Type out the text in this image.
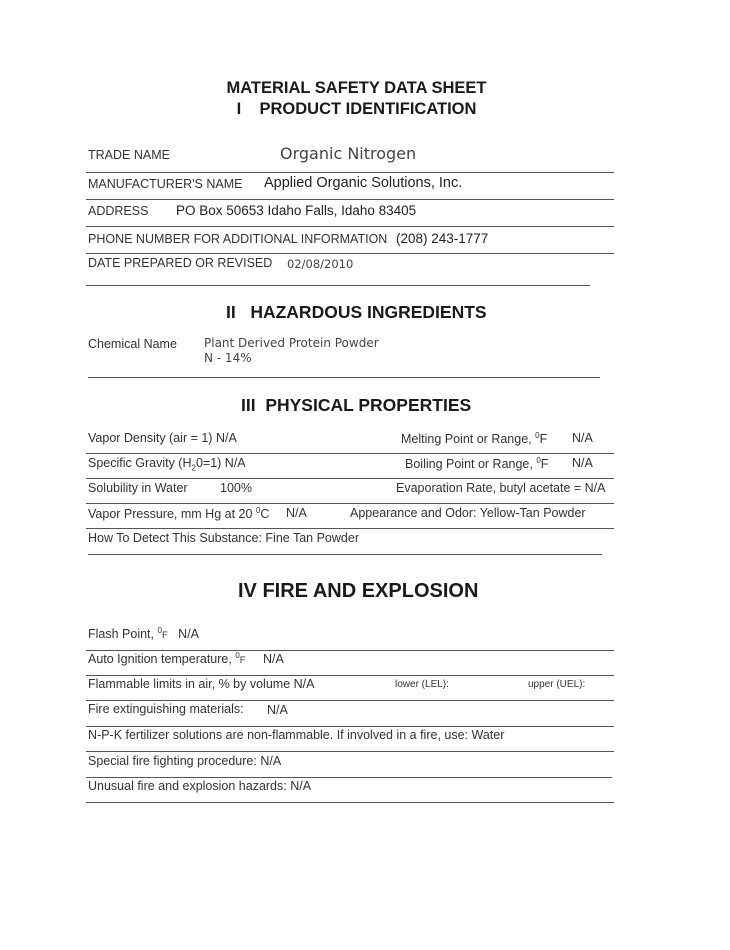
MATERIAL SAFETY DATA SHEET
I PRODUCT IDENTIFICATION
TRADE NAME	Organic Nitrogen
MANUFACTURER'S NAME Applied Organic Solutions, Inc.
ADDRESS PO Box 50653 Idaho Falls, Idaho 83405
PHONE NUMBER FOR ADDITIONAL INFORMATION (208) 243-1777
DATE PREPARED OR REVISED 02/08/2010
II HAZARDOUS INGREDIENTS
Chemical Name Plant Derived Protein Powder
N - 14%
III PHYSICAL PROPERTIES
Vapor Density (air = 1) N/A	Melting Point or Range, $^0$F N/A
Specific Gravity $(H_20=1)$ N/A	Boiling Point or Range, $^0$F N/A
Solubility in Water	100%	Evaporation Rate, butyl acetate = N/A
Vapor Pressure, mm Hg at 20 $^0$C N/A	Appearance and Odor: Yellow-Tan Powder
How To Detect This Substance: Fine Tan Powder
IV FIRE AND EXPLOSION
Flash Point, $^0$F N/A
Auto Ignition temperature, $^0$F N/A
Flammable limits in air, % by volume N/A	lower (LEL):	upper (UEL):
Fire extinguishing materials: N/A
N-P-K fertilizer solutions are non-flammable. If involved in a fire, use: Water
Special fire fighting procedure: N/A
Unusual fire and explosion hazards: N/A
